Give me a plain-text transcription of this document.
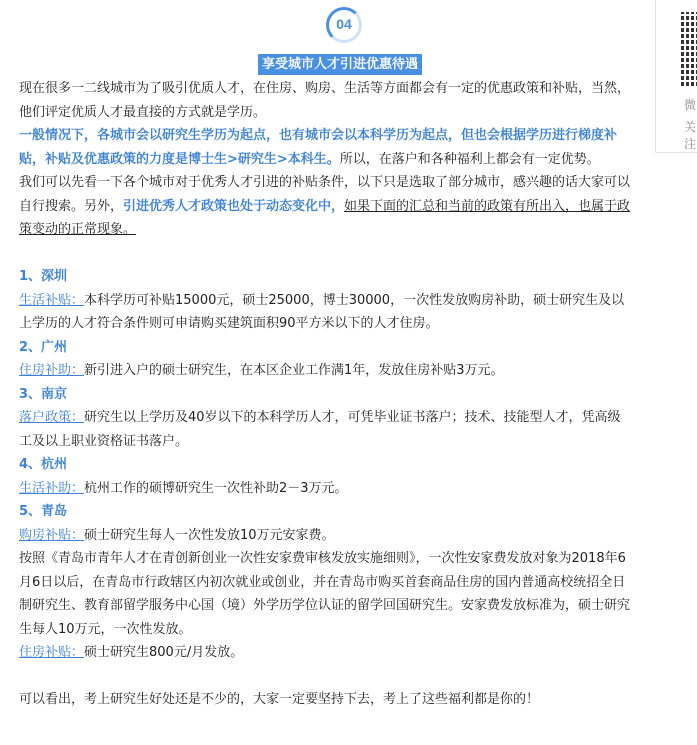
04
享受城市人才引进优惠待遇

现在很多一二线城市为了吸引优质人才，在住房、购房、生活等方面都会有一定的优惠政策和补贴，当然，他们评定优质人才最直接的方式就是学历。

一般情况下，各城市会以研究生学历为起点，也有城市会以本科学历为起点，但也会根据学历进行梯度补贴，补贴及优惠政策的力度是博士生>研究生>本科生。所以，在落户和各种福利上都会有一定优势。

我们可以先看一下各个城市对于优秀人才引进的补贴条件，以下只是选取了部分城市，感兴趣的话大家可以自行搜索。另外，引进优秀人才政策也处于动态变化中，如果下面的汇总和当前的政策有所出入，也属于政策变动的正常现象。

1、深圳

生活补贴：本科学历可补贴15000元，硕士25000，博士30000，一次性发放购房补助，硕士研究生及以上学历的人才符合条件则可申请购买建筑面积90平方米以下的人才住房。

2、广州

住房补助：新引进入户的硕士研究生，在本区企业工作满1年，发放住房补贴3万元。

3、南京

落户政策：研究生以上学历及40岁以下的本科学历人才，可凭毕业证书落户；技术、技能型人才，凭高级工及以上职业资格证书落户。

4、杭州

生活补助：杭州工作的硕博研究生一次性补助2－3万元。

5、青岛

购房补贴：硕士研究生每人一次性发放10万元安家费。

按照《青岛市青年人才在青创新创业一次性安家费审核发放实施细则》，一次性安家费发放对象为2018年6月6日以后，在青岛市行政辖区内初次就业或创业，并在青岛市购买首套商品住房的国内普通高校统招全日制研究生、教育部留学服务中心国（境）外学历学位认证的留学回国研究生。安家费发放标准为，硕士研究生每人10万元，一次性发放。

住房补贴：硕士研究生800元/月发放。

可以看出，考上研究生好处还是不少的，大家一定要坚持下去，考上了这些福利都是你的！

微
关注
